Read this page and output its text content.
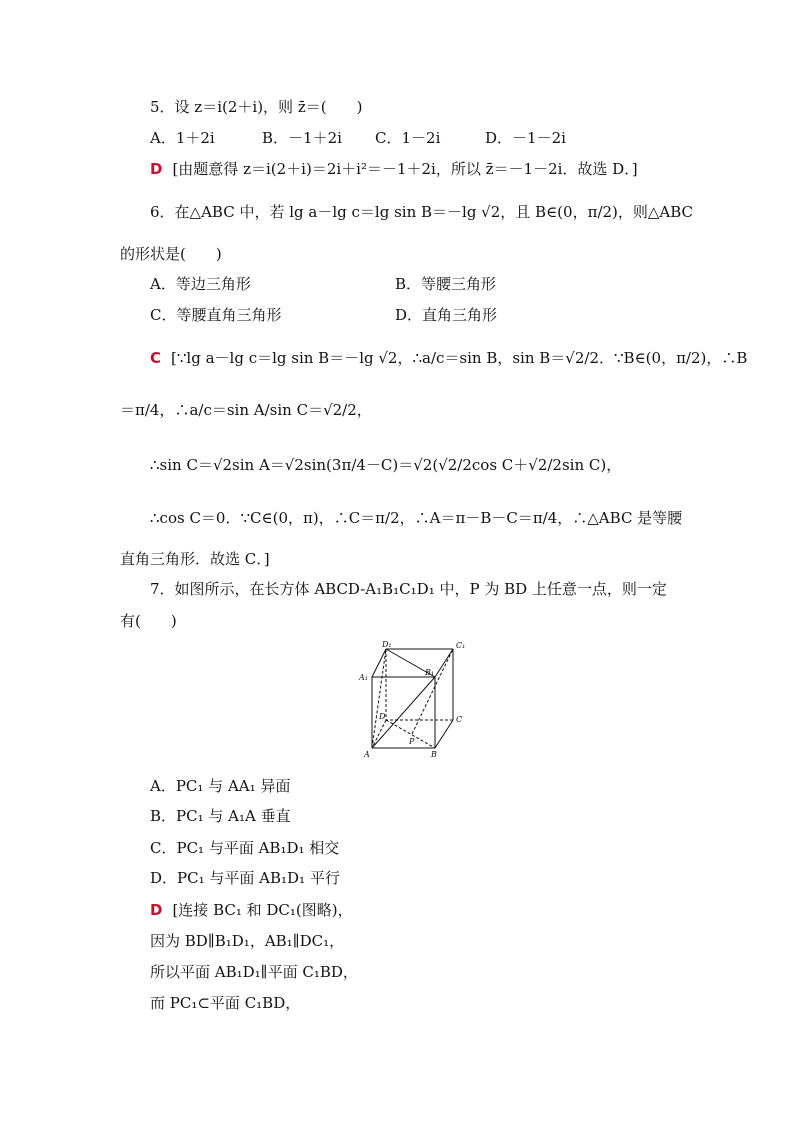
5．设 z＝i(2＋i)，则 z̄＝(　　)
A．1＋2i	B．－1＋2i C．1－2i	D．－1－2i
D [由题意得 z＝i(2＋i)＝2i＋i²＝－1＋2i，所以 z̄＝－1－2i．故选 D．]
6．在△ABC 中，若 lg a－lg c＝lg sin B＝－lg √2，且 B∈(0，π/2)，则△ABC
的形状是(　　)
A．等边三角形	B．等腰三角形
C．等腰直角三角形	D．直角三角形
C [∵lg a－lg c＝lg sin B＝－lg √2，∴a/c＝sin B，sin B＝√2/2．∵B∈(0，π/2)，∴B
＝π/4，∴a/c＝sin A/sin C＝√2/2，
∴sin C＝√2sin A＝√2sin(3π/4－C)＝√2(√2/2cos C＋√2/2sin C)，
∴cos C＝0．∵C∈(0，π)，∴C＝π/2，∴A＝π－B－C＝π/4，∴△ABC 是等腰
直角三角形．故选 C．]
7．如图所示，在长方体 ABCD-A₁B₁C₁D₁ 中，P 为 BD 上任意一点，则一定
有(　　)
D₁	C₁
B₁
A₁
D	C
P
A	B
A．PC₁ 与 AA₁ 异面
B．PC₁ 与 A₁A 垂直
C．PC₁ 与平面 AB₁D₁ 相交
D．PC₁ 与平面 AB₁D₁ 平行
D [连接 BC₁ 和 DC₁(图略)，
因为 BD∥B₁D₁，AB₁∥DC₁，
所以平面 AB₁D₁∥平面 C₁BD，
而 PC₁⊂平面 C₁BD，
